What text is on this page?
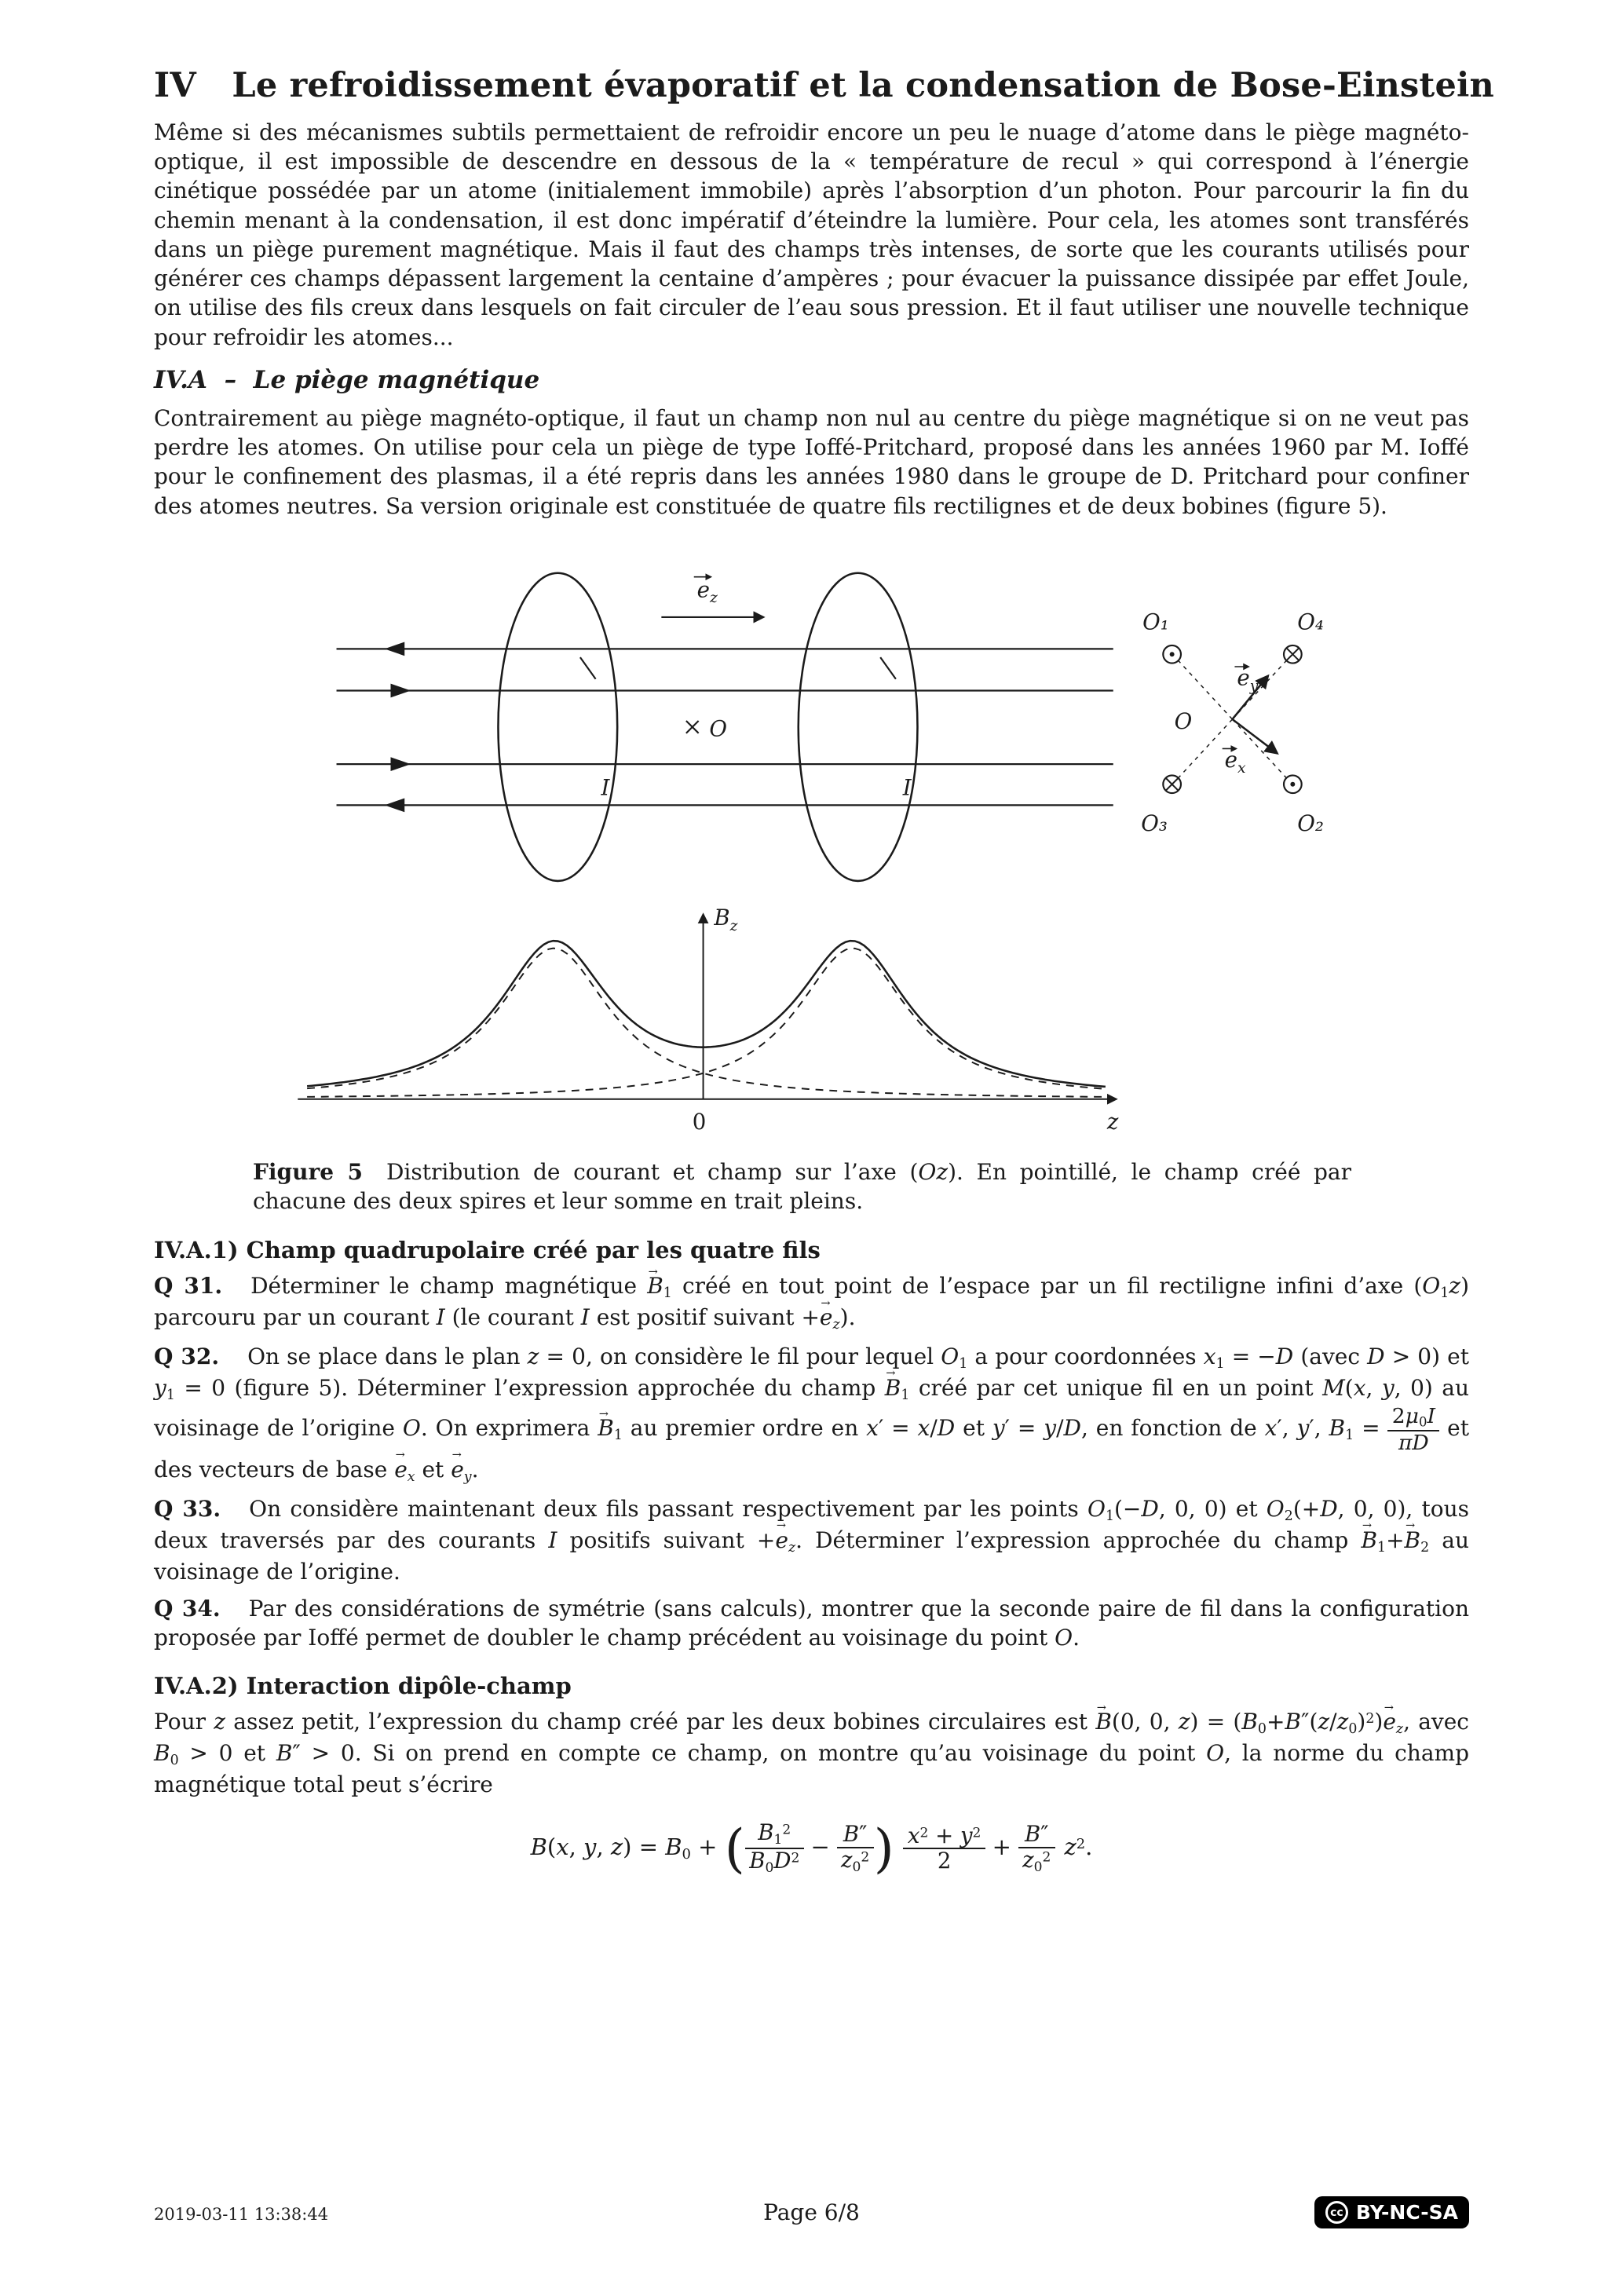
IV Le refroidissement évaporatif et la condensation de Bose-Einstein

Même si des mécanismes subtils permettaient de refroidir encore un peu le nuage d’atome dans le piège magnéto-optique, il est impossible de descendre en dessous de la « température de recul » qui correspond à l’énergie cinétique possédée par un atome (initialement immobile) après l’absorption d’un photon. Pour parcourir la fin du chemin menant à la condensation, il est donc impératif d’éteindre la lumière. Pour cela, les atomes sont transférés dans un piège purement magnétique. Mais il faut des champs très intenses, de sorte que les courants utilisés pour générer ces champs dépassent largement la centaine d’ampères ; pour évacuer la puissance dissipée par effet Joule, on utilise des fils creux dans lesquels on fait circuler de l’eau sous pression. Et il faut utiliser une nouvelle technique pour refroidir les atomes...

IV.A  –  Le piège magnétique

Contrairement au piège magnéto-optique, il faut un champ non nul au centre du piège magnétique si on ne veut pas perdre les atomes. On utilise pour cela un piège de type Ioffé-Pritchard, proposé dans les années 1960 par M. Ioffé pour le confinement des plasmas, il a été repris dans les années 1980 dans le groupe de D. Pritchard pour confiner des atomes neutres. Sa version originale est constituée de quatre fils rectilignes et de deux bobines (figure 5).

$e_z$
O
I	I
O₁	O₄
O₃	O₂
O
$e_y$
$e_x$
$B_z$
z
0
Figure 5 Distribution de courant et champ sur l’axe (Oz). En pointillé, le champ créé par chacune des deux spires et leur somme en trait pleins.
IV.A.1) Champ quadrupolaire créé par les quatre fils

Q 31. Déterminer le champ magnétique $B \to_1$ créé en tout point de l’espace par un fil rectiligne infini d’axe $(O_1z)$ parcouru par un courant I (le courant I est positif suivant $+e \to_z$).

Q 32. On se place dans le plan z = 0, on considère le fil pour lequel $O_1$ a pour coordonnées $x_1 = -D$ (avec D > 0) et $y_1 = 0$ (figure 5). Déterminer l’expression approchée du champ $B \to_1$ créé par cet unique fil en un point M(x, y, 0) au voisinage de l’origine O. On exprimera $B \to_1$ au premier ordre en x′ = x/D et y′ = y/D, en fonction de x′, y′, $B_1 = \frac{2\mu_0I}{\pi D}$ et des vecteurs de base $e \to_x$ et $e \to_y$.

Q 33. On considère maintenant deux fils passant respectivement par les points $O_1(-D$, 0, 0) et $O_2(+D$, 0, 0), tous deux traversés par des courants I positifs suivant $+e \to_z$. Déterminer l’expression approchée du champ $B \to_1+B \to_2$ au voisinage de l’origine.

Q 34. Par des considérations de symétrie (sans calculs), montrer que la seconde paire de fil dans la configuration proposée par Ioffé permet de doubler le champ précédent au voisinage du point O.

IV.A.2) Interaction dipôle-champ

Pour z assez petit, l’expression du champ créé par les deux bobines circulaires est B →(0, 0, $z) = (B_0+B''(z/z_0)^2)e \to_z$, avec $B_0 > 0$ et B″ > 0. Si on prend en compte ce champ, on montre qu’au voisinage du point O, la norme du champ magnétique total peut s’écrire

B(x, y, $z) = B_0$ + ( $\frac{B_1^2}{B_0D^2} - \frac{B''}{z_0^2}$ ) $\frac{x^2 + y^2}{2} + \frac{B''}{z_0^2} z^2$.
2019-03-11 13:38:44	Page 6/8	cc BY-NC-SA
